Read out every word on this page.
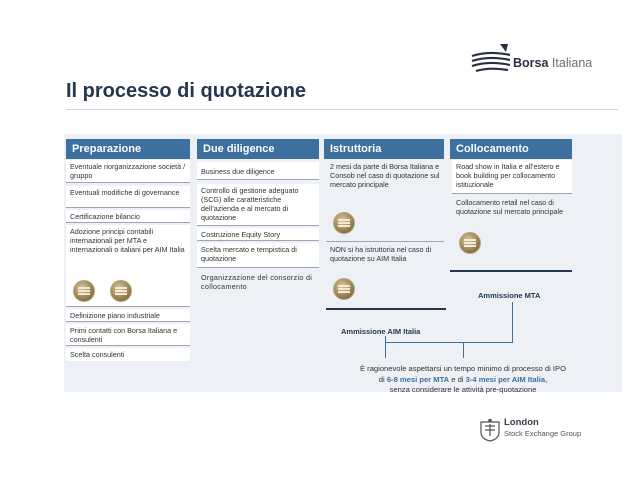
Borsa Italiana
Il processo di quotazione
Preparazione	Due diligence	Istruttoria	Collocamento
Eventuale riorganizzazione società / gruppo
Eventuali modifiche di governance
Certificazione bilancio
Adozione principi contabili internazionali per MTA e internazionali o italiani per AIM Italia
Definizione piano industriale
Primi contatti con Borsa Italiana e consulenti
Scelta consulenti
Business due diligence
Controllo di gestione adeguato (SCG) alle caratteristiche dell’azienda e al mercato di quotazione
Costruzione Equity Story
Scelta mercato e tempistica di quotazione
Organizzazione del consorzio di collocamento
2 mesi da parte di Borsa Italiana e Consob nel caso di quotazione sul mercato principale
NON si ha istruttoria nel caso di quotazione su AIM Italia
Road show in Italia e all’estero e book building per collocamento istituzionale
Collocamento retail nel caso di quotazione sul mercato principale
Ammissione MTA
Ammissione AIM Italia
È ragionevole aspettarsi un tempo minimo di processo di IPO
di 6-8 mesi per MTA e di 3-4 mesi per AIM Italia,
senza considerare le attività pre-quotazione
London
Stock Exchange Group
